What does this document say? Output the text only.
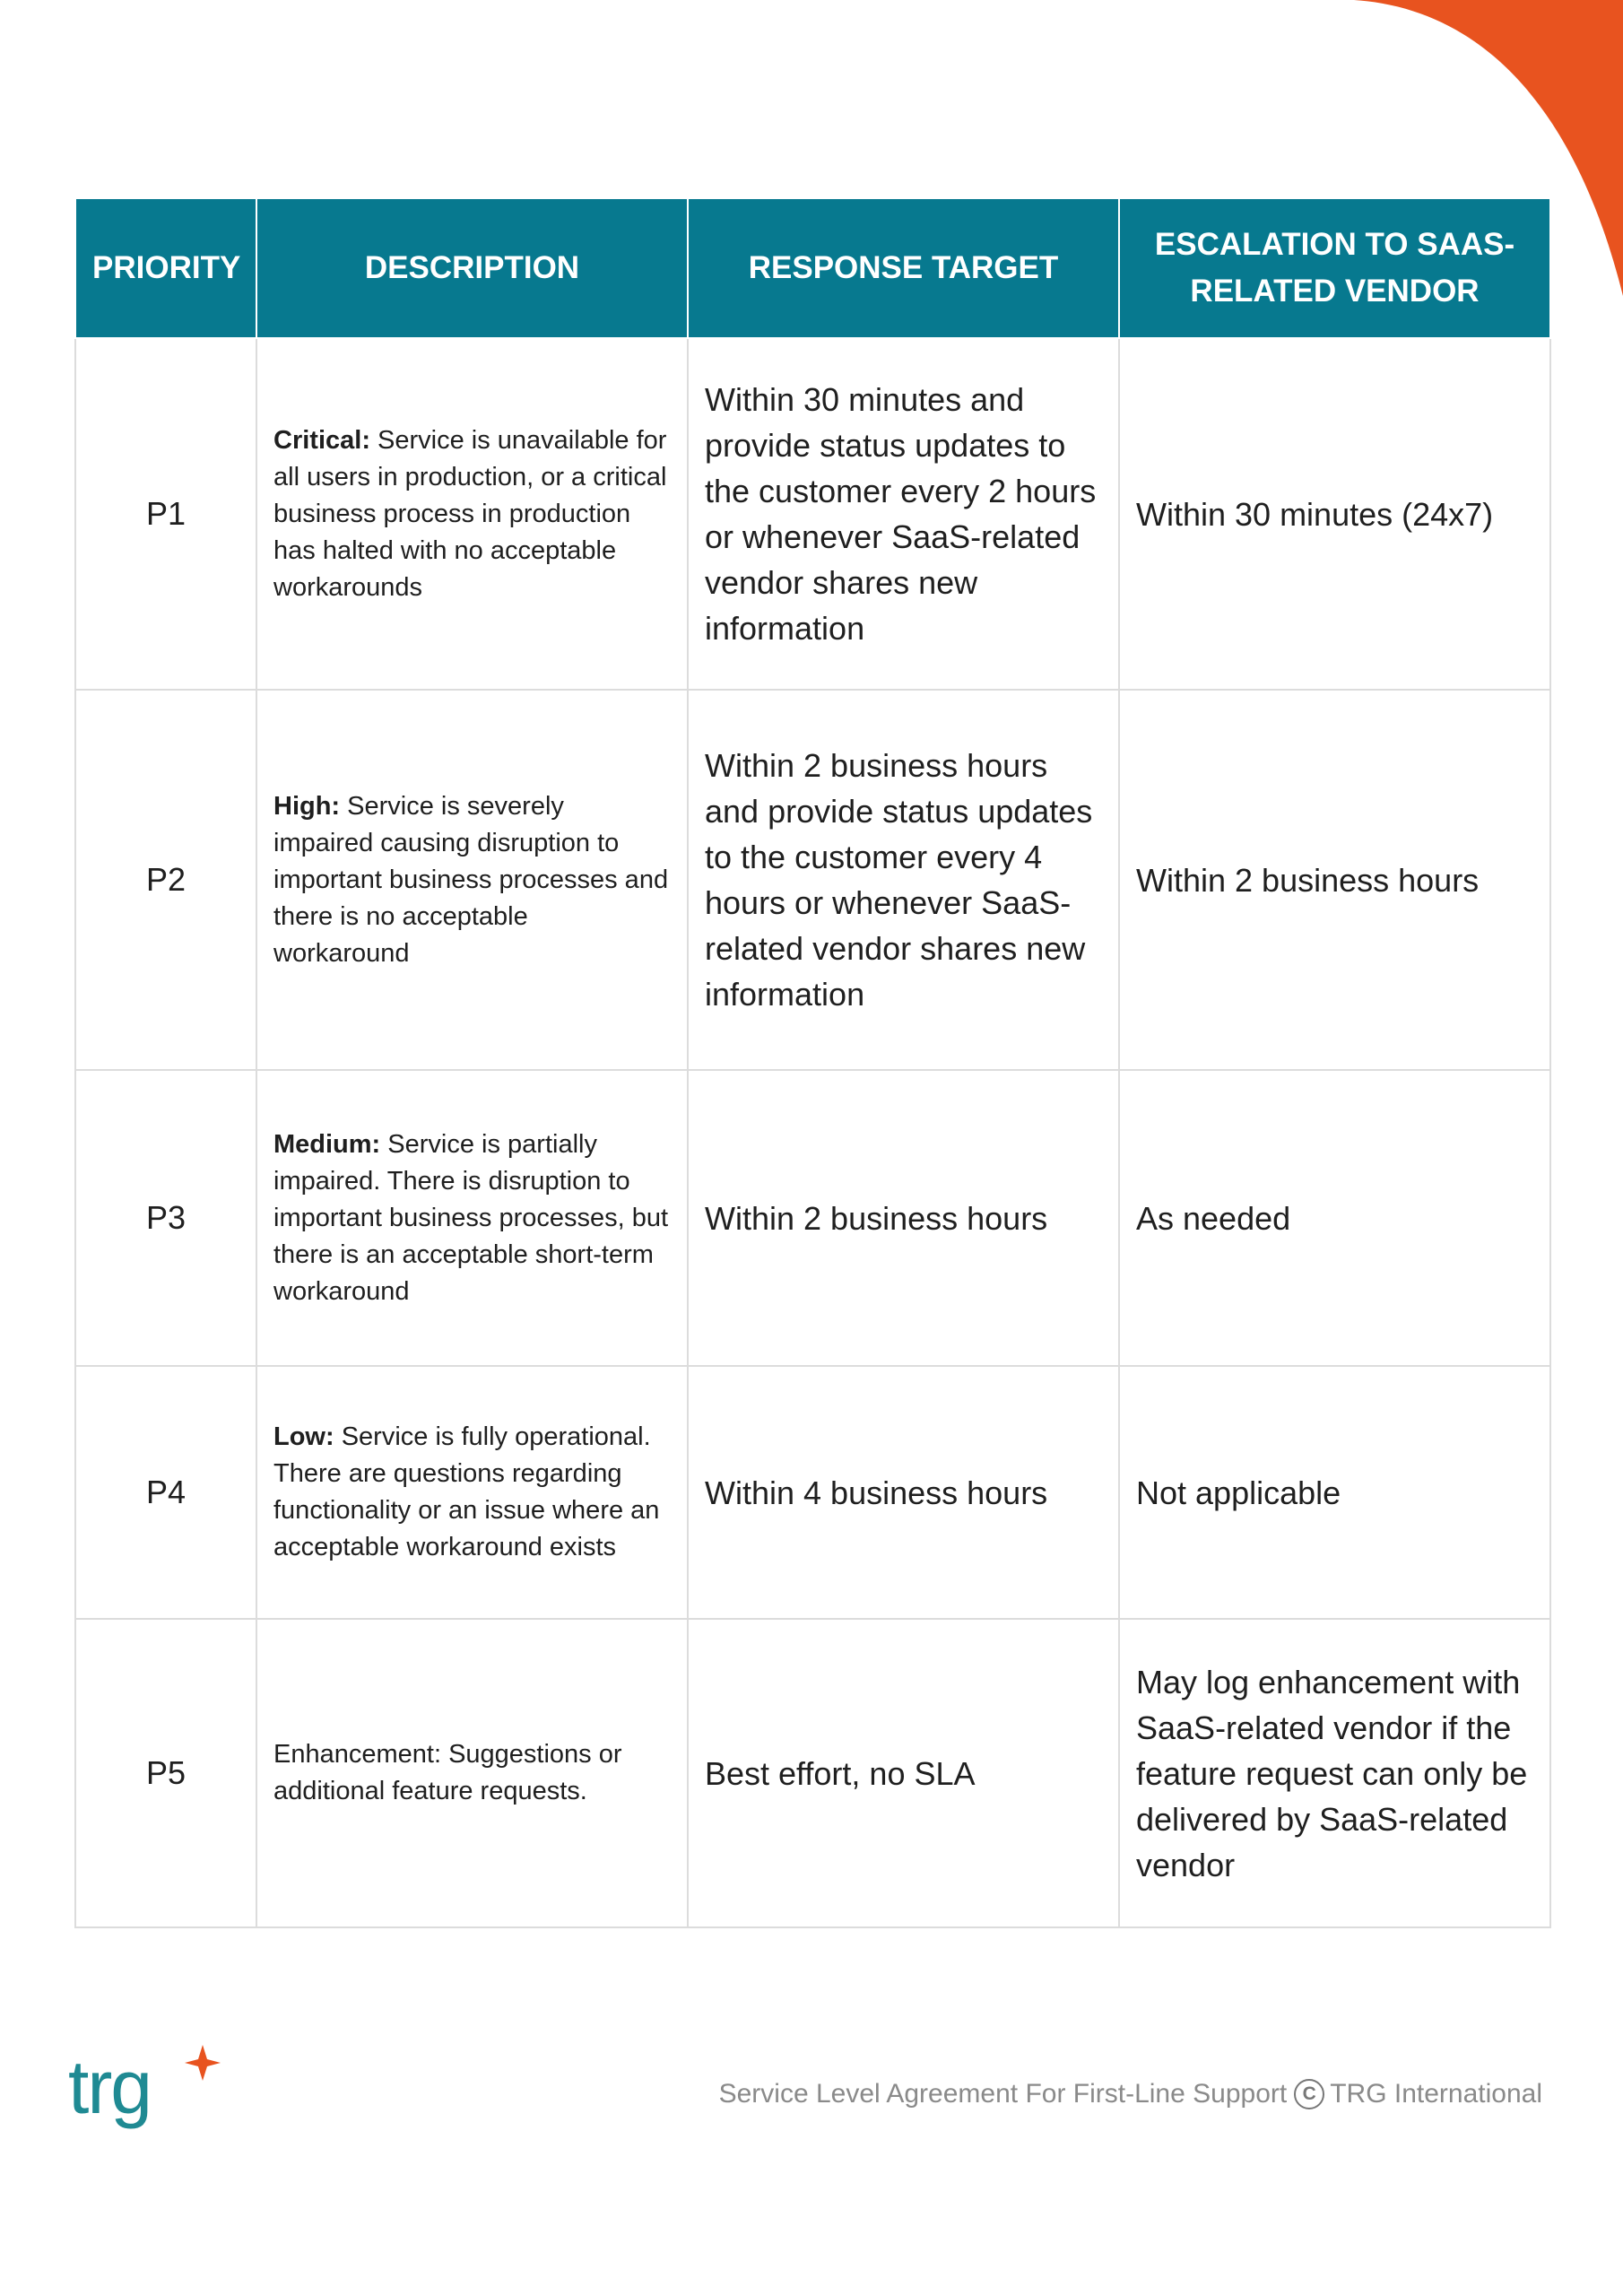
PRIORITY	DESCRIPTION	RESPONSE TARGET	ESCALATION TO SAAS-RELATED VENDOR
P1	Critical: Service is unavailable for all users in production, or a critical business process in production has halted with no acceptable workarounds	Within 30 minutes and provide status updates to the customer every 2 hours or whenever SaaS-related vendor shares new information	Within 30 minutes (24x7)
P2	High: Service is severely impaired causing disruption to important business processes and there is no acceptable workaround	Within 2 business hours and provide status updates to the customer every 4 hours or whenever SaaS-related vendor shares new information	Within 2 business hours
P3	Medium: Service is partially impaired. There is disruption to important business processes, but there is an acceptable short-term workaround	Within 2 business hours	As needed
P4	Low: Service is fully operational. There are questions regarding functionality or an issue where an acceptable workaround exists	Within 4 business hours	Not applicable
P5	Enhancement: Suggestions or additional feature requests.	Best effort, no SLA	May log enhancement with SaaS-related vendor if the feature request can only be delivered by SaaS-related vendor
trg	Service Level Agreement For First-Line Support C TRG International
